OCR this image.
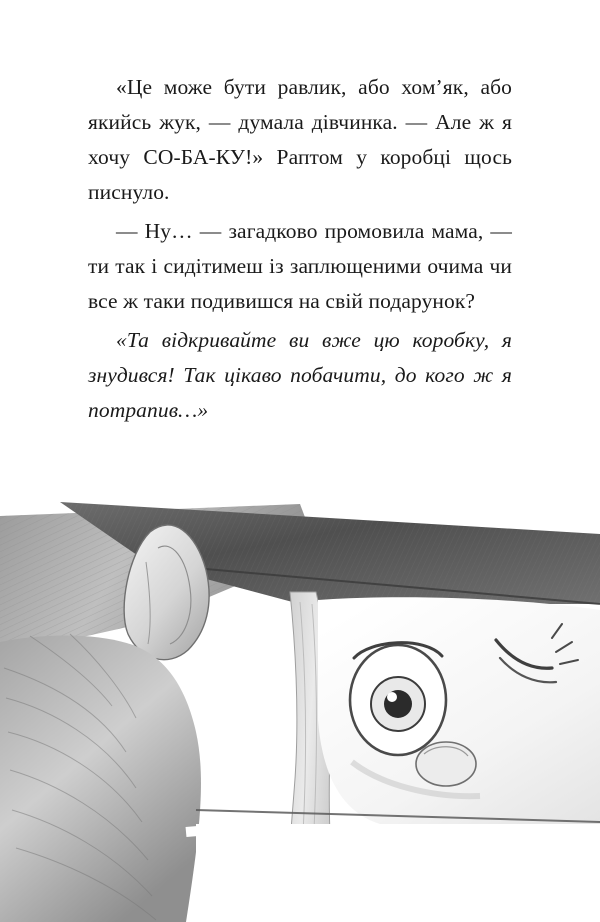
«Це може бути равлик, або хом’як, або якийсь жук, — думала дівчинка. — Але ж я хочу СО-БА-КУ!» Раптом у коробці щось писнуло.

— Ну… — загадково промовила мама, — ти так і сидітимеш із заплющеними очима чи все ж таки подивишся на свій подарунок?

«Та відкривайте ви вже цю коробку, я знудився! Так цікаво побачити, до кого ж я потрапив…»
